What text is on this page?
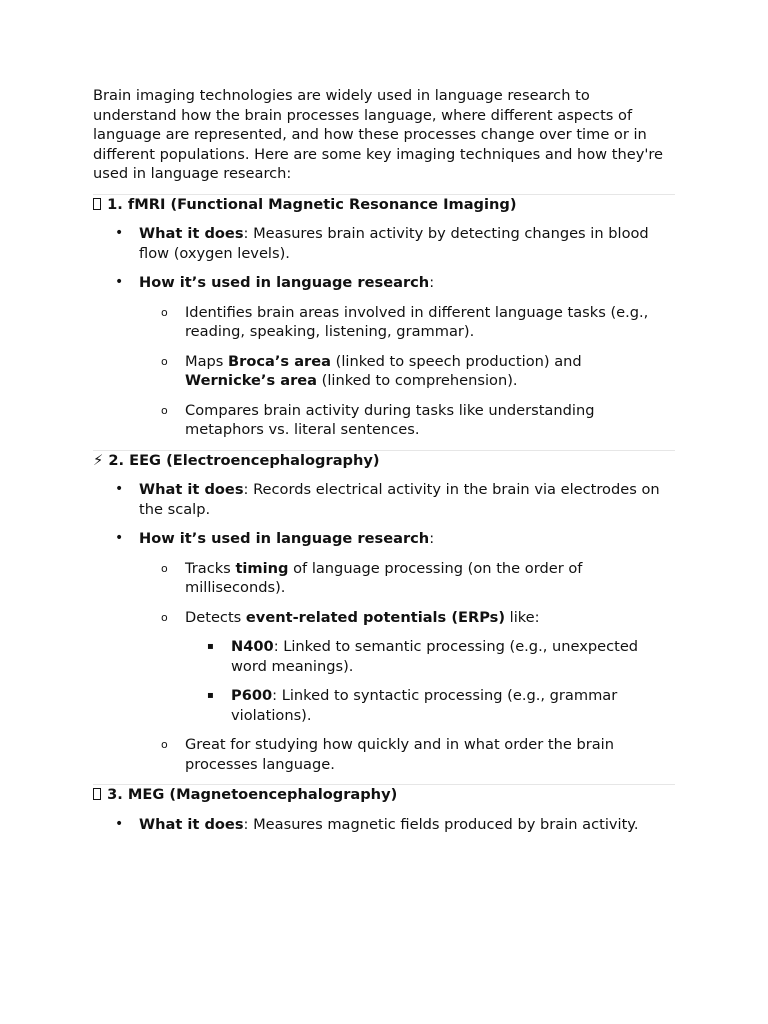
Brain imaging technologies are widely used in language research to understand how the brain processes language, where different aspects of language are represented, and how these processes change over time or in different populations. Here are some key imaging techniques and how they're used in language research:

1. fMRI (Functional Magnetic Resonance Imaging)
• What it does: Measures brain activity by detecting changes in blood flow (oxygen levels).
• How it’s used in language research:
o Identifies brain areas involved in different language tasks (e.g., reading, speaking, listening, grammar).
o Maps Broca’s area (linked to speech production) and Wernicke’s area (linked to comprehension).
o Compares brain activity during tasks like understanding metaphors vs. literal sentences.
⚡ 2. EEG (Electroencephalography)
• What it does: Records electrical activity in the brain via electrodes on the scalp.
• How it’s used in language research:
o Tracks timing of language processing (on the order of milliseconds).
o Detects event-related potentials (ERPs) like:
▪ N400: Linked to semantic processing (e.g., unexpected word meanings).
▪ P600: Linked to syntactic processing (e.g., grammar violations).
o Great for studying how quickly and in what order the brain processes language.
3. MEG (Magnetoencephalography)
• What it does: Measures magnetic fields produced by brain activity.
